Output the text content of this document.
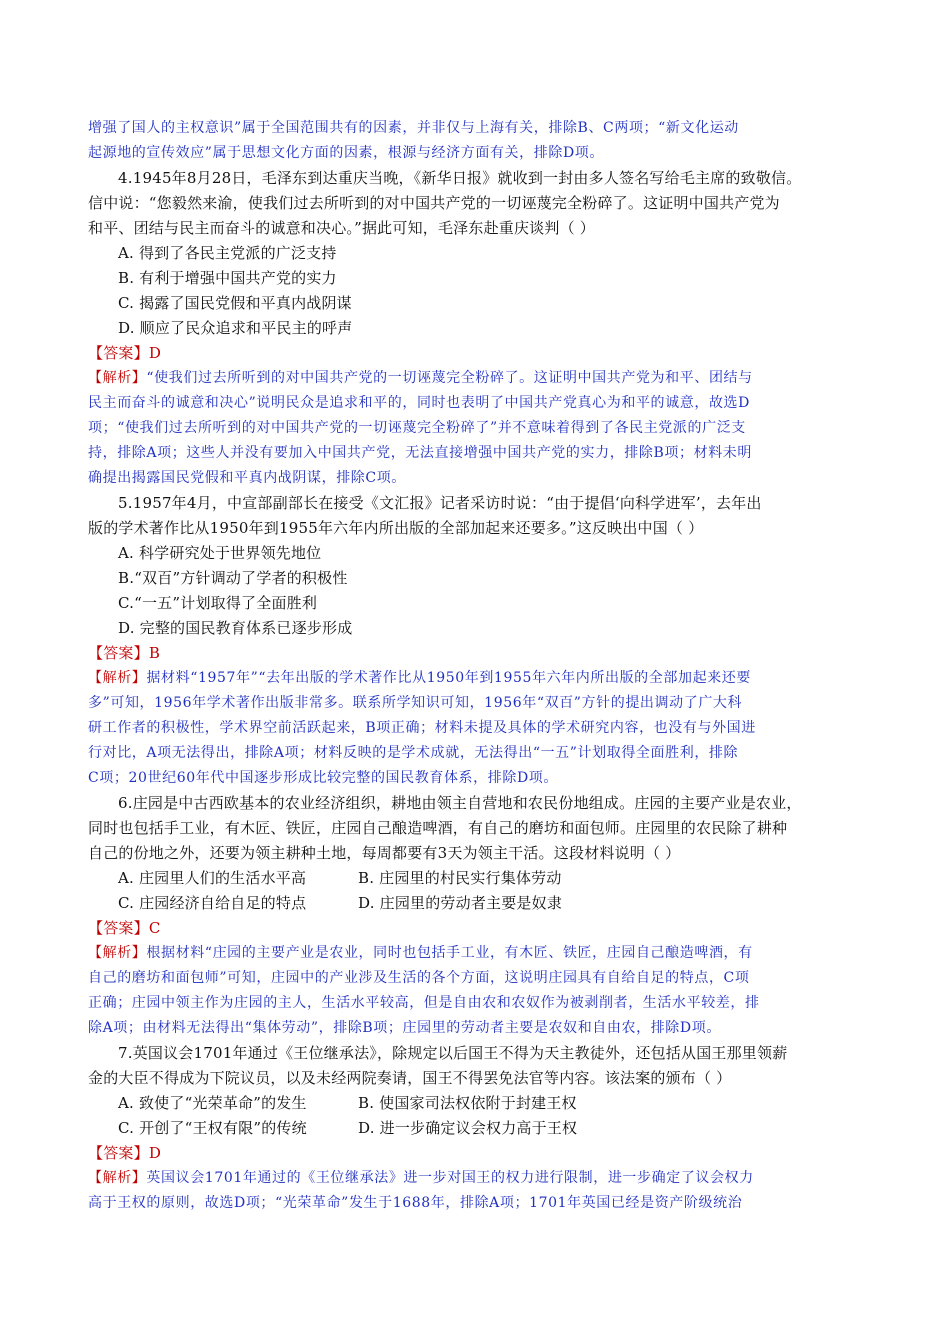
增强了国人的主权意识”属于全国范围共有的因素，并非仅与上海有关，排除B、C两项；“新文化运动
起源地的宣传效应”属于思想文化方面的因素，根源与经济方面有关，排除D项。
4.1945年8月28日，毛泽东到达重庆当晚，《新华日报》就收到一封由多人签名写给毛主席的致敬信。
信中说：“您毅然来渝，使我们过去所听到的对中国共产党的一切诬蔑完全粉碎了。这证明中国共产党为
和平、团结与民主而奋斗的诚意和决心。”据此可知，毛泽东赴重庆谈判（ ）
A. 得到了各民主党派的广泛支持
B. 有利于增强中国共产党的实力
C. 揭露了国民党假和平真内战阴谋
D. 顺应了民众追求和平民主的呼声
【答案】D
【解析】“使我们过去所听到的对中国共产党的一切诬蔑完全粉碎了。这证明中国共产党为和平、团结与
民主而奋斗的诚意和决心”说明民众是追求和平的，同时也表明了中国共产党真心为和平的诚意，故选D
项；“使我们过去所听到的对中国共产党的一切诬蔑完全粉碎了”并不意味着得到了各民主党派的广泛支
持，排除A项；这些人并没有要加入中国共产党，无法直接增强中国共产党的实力，排除B项；材料未明
确提出揭露国民党假和平真内战阴谋，排除C项。
5.1957年4月，中宣部副部长在接受《文汇报》记者采访时说：“由于提倡‘向科学进军’，去年出
版的学术著作比从1950年到1955年六年内所出版的全部加起来还要多。”这反映出中国（ ）
A. 科学研究处于世界领先地位
B.“双百”方针调动了学者的积极性
C.“一五”计划取得了全面胜利
D. 完整的国民教育体系已逐步形成
【答案】B
【解析】据材料“1957年”“去年出版的学术著作比从1950年到1955年六年内所出版的全部加起来还要
多”可知，1956年学术著作出版非常多。联系所学知识可知，1956年“双百”方针的提出调动了广大科
研工作者的积极性，学术界空前活跃起来，B项正确；材料未提及具体的学术研究内容，也没有与外国进
行对比，A项无法得出，排除A项；材料反映的是学术成就，无法得出“一五”计划取得全面胜利，排除
C项；20世纪60年代中国逐步形成比较完整的国民教育体系，排除D项。
6.庄园是中古西欧基本的农业经济组织，耕地由领主自营地和农民份地组成。庄园的主要产业是农业，
同时也包括手工业，有木匠、铁匠，庄园自己酿造啤酒，有自己的磨坊和面包师。庄园里的农民除了耕种
自己的份地之外，还要为领主耕种土地，每周都要有3天为领主干活。这段材料说明（ ）
A. 庄园里人们的生活水平高	B. 庄园里的村民实行集体劳动
C. 庄园经济自给自足的特点	D. 庄园里的劳动者主要是奴隶
【答案】C
【解析】根据材料“庄园的主要产业是农业，同时也包括手工业，有木匠、铁匠，庄园自己酿造啤酒，有
自己的磨坊和面包师”可知，庄园中的产业涉及生活的各个方面，这说明庄园具有自给自足的特点，C项
正确；庄园中领主作为庄园的主人，生活水平较高，但是自由农和农奴作为被剥削者，生活水平较差，排
除A项；由材料无法得出“集体劳动”，排除B项；庄园里的劳动者主要是农奴和自由农，排除D项。
7.英国议会1701年通过《王位继承法》，除规定以后国王不得为天主教徒外，还包括从国王那里领薪
金的大臣不得成为下院议员，以及未经两院奏请，国王不得罢免法官等内容。该法案的颁布（ ）
A. 致使了“光荣革命”的发生	B. 使国家司法权依附于封建王权
C. 开创了“王权有限”的传统	D. 进一步确定议会权力高于王权
【答案】D
【解析】英国议会1701年通过的《王位继承法》进一步对国王的权力进行限制，进一步确定了议会权力
高于王权的原则，故选D项；“光荣革命”发生于1688年，排除A项；1701年英国已经是资产阶级统治
